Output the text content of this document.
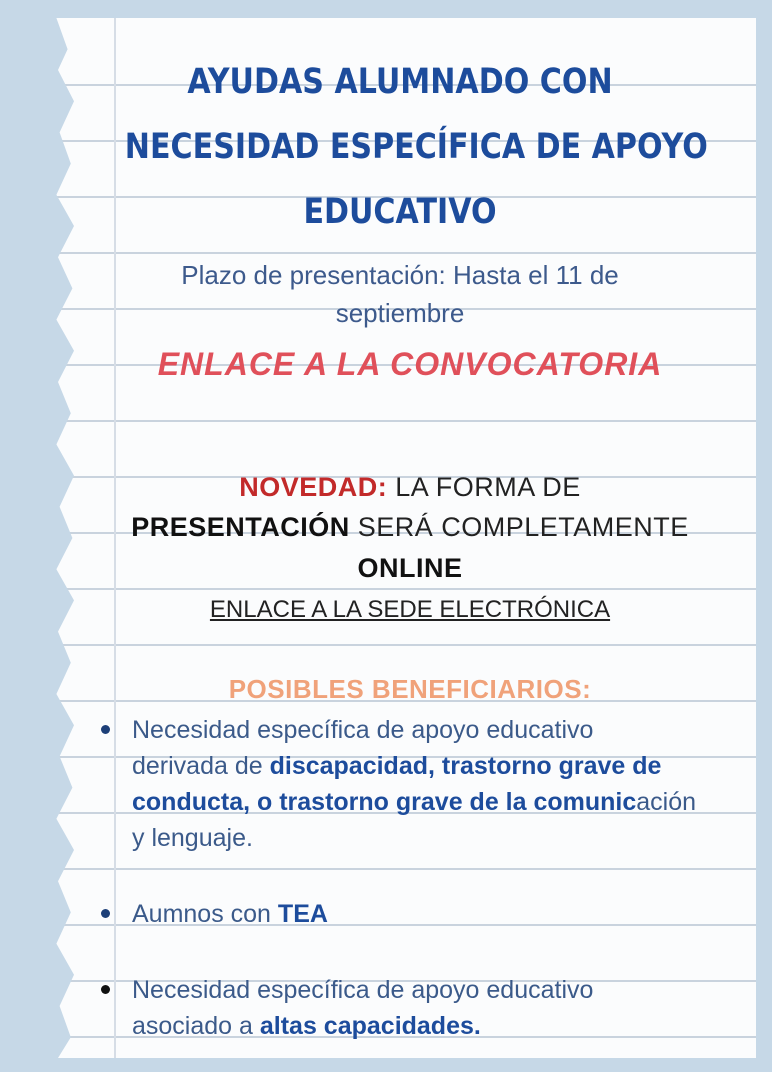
AYUDAS ALUMNADO CON
NECESIDAD ESPECÍFICA DE APOYO
EDUCATIVO
Plazo de presentación: Hasta el 11 de
septiembre
ENLACE A LA CONVOCATORIA
NOVEDAD: LA FORMA DE
PRESENTACIÓN SERÁ COMPLETAMENTE
ONLINE
ENLACE A LA SEDE ELECTRÓNICA
POSIBLES BENEFICIARIOS:
Necesidad específica de apoyo educativo
derivada de discapacidad, trastorno grave de
conducta, o trastorno grave de la comunicación
y lenguaje.
Aumnos con TEA
Necesidad específica de apoyo educativo
asociado a altas capacidades.
